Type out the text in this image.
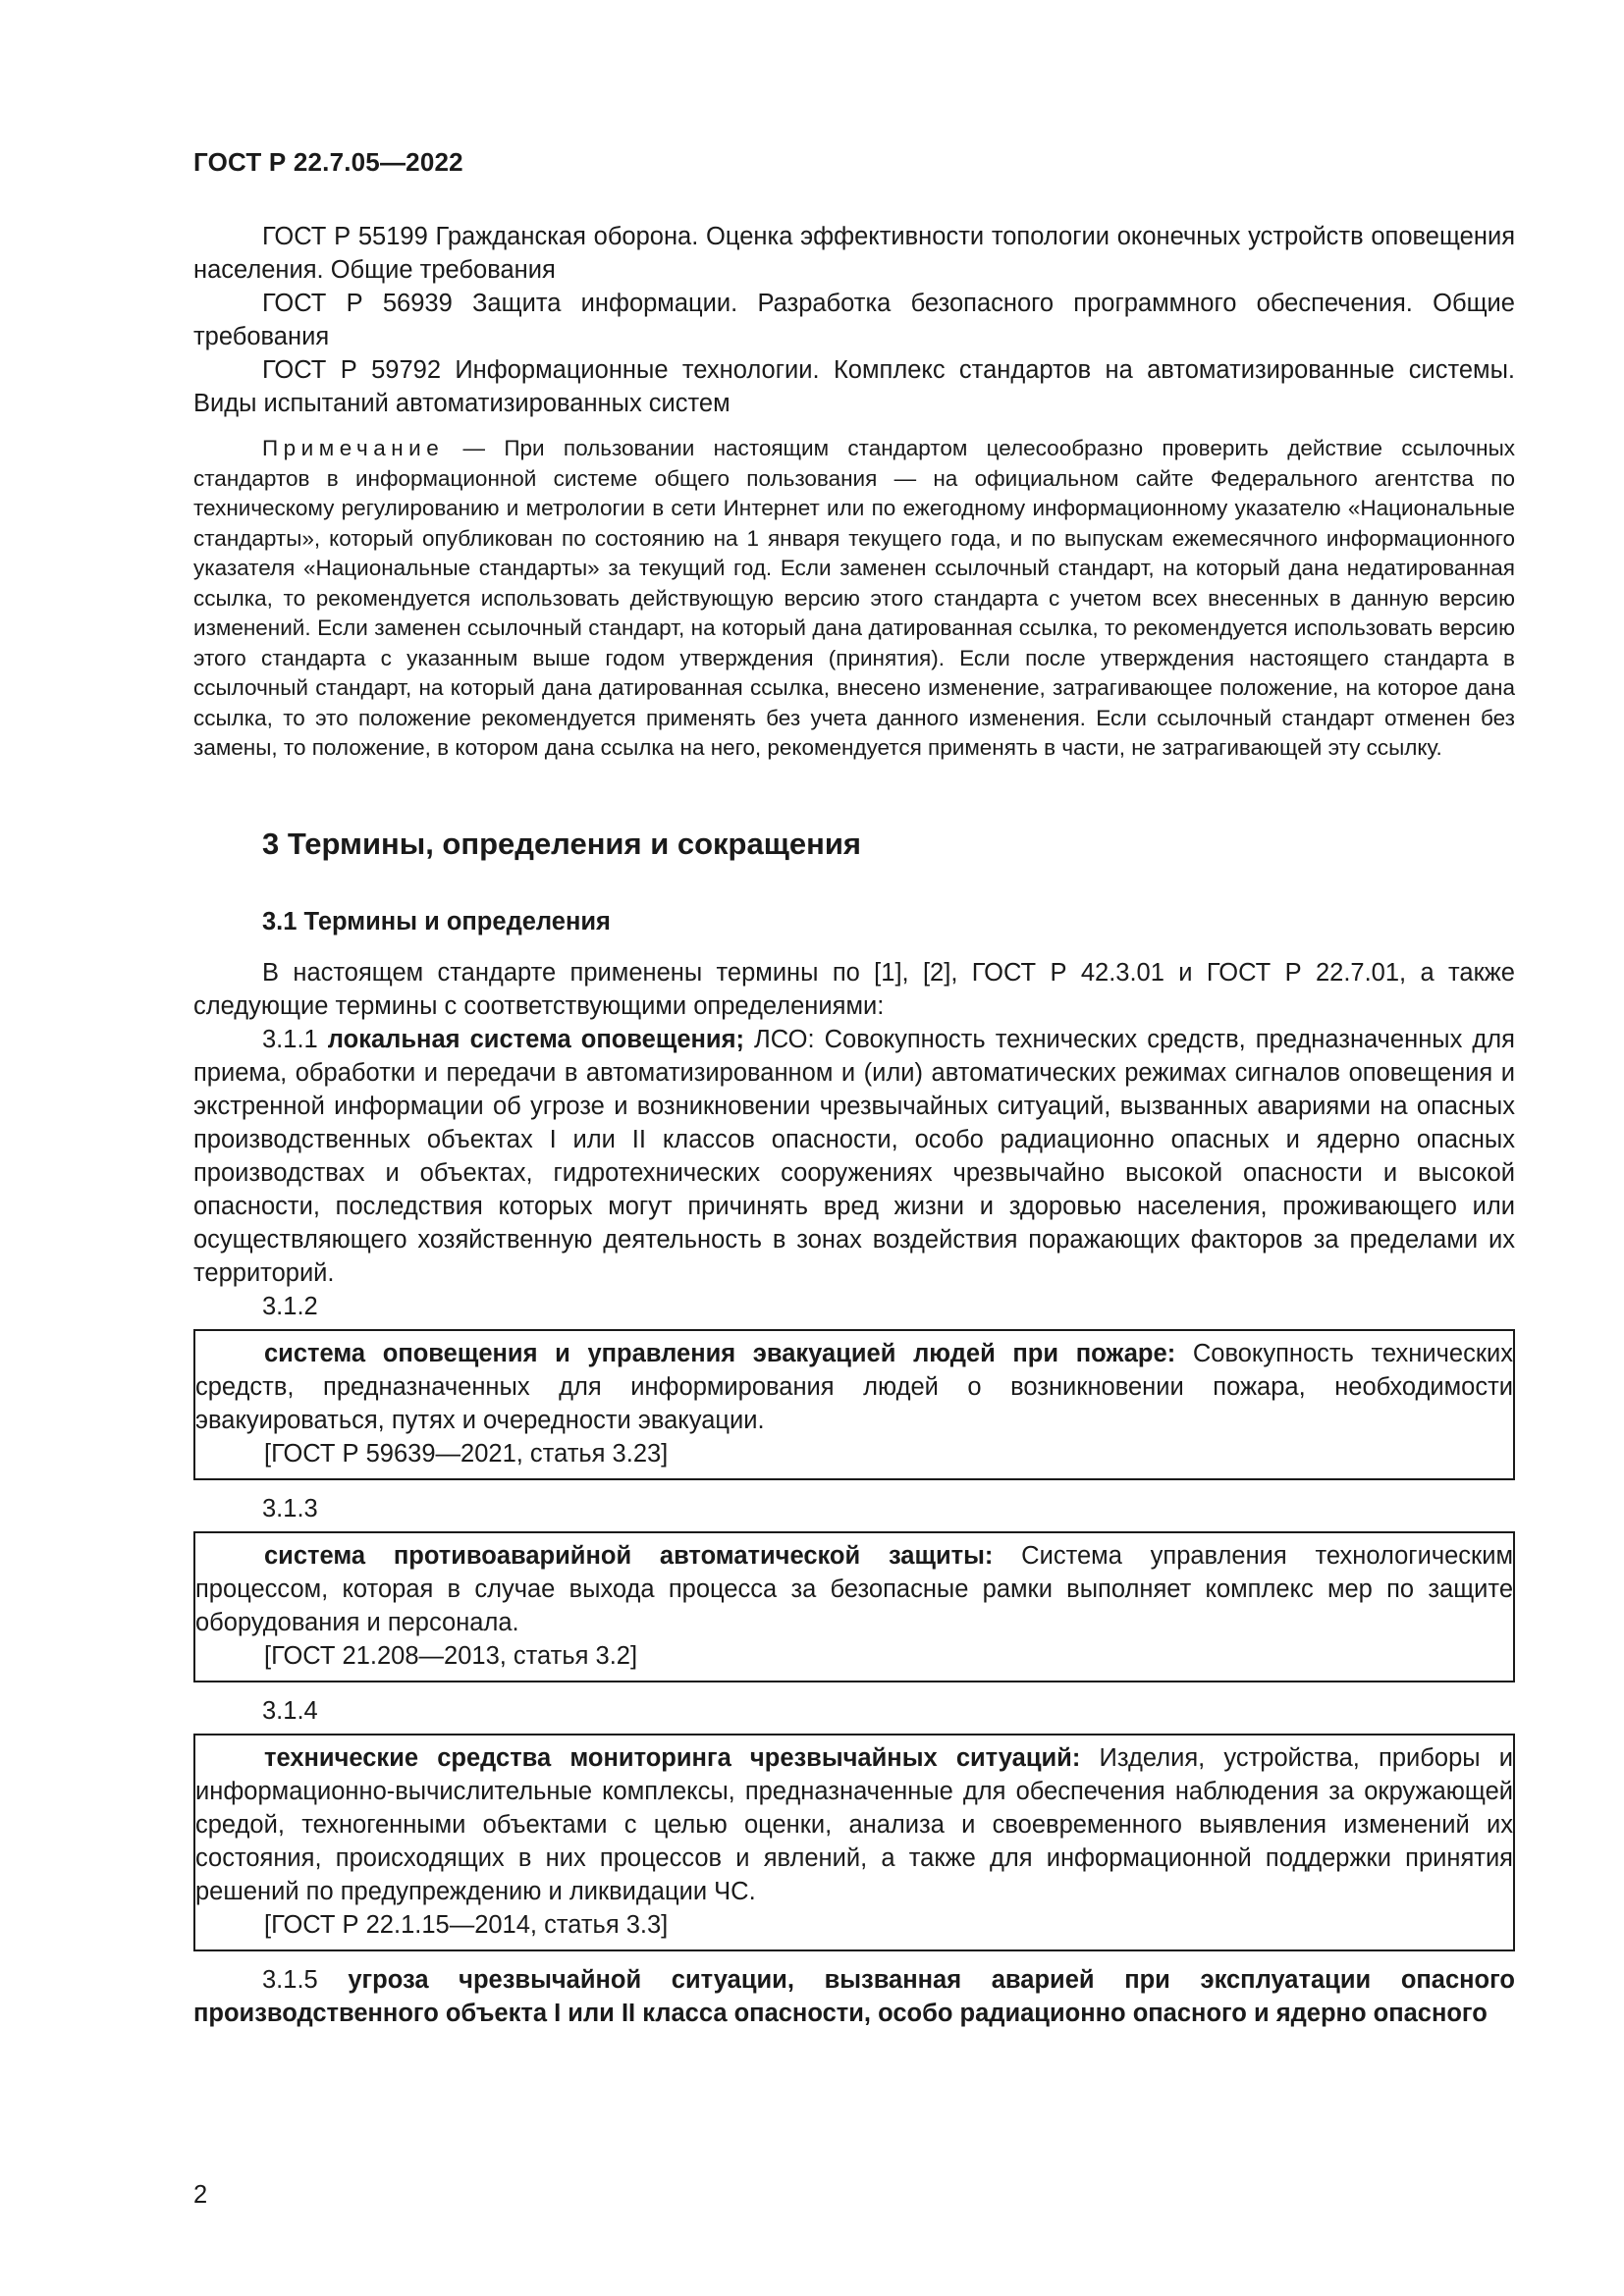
ГОСТ Р 22.7.05—2022

ГОСТ Р 55199 Гражданская оборона. Оценка эффективности топологии оконечных устройств оповещения населения. Общие требования

ГОСТ Р 56939 Защита информации. Разработка безопасного программного обеспечения. Общие требования

ГОСТ Р 59792 Информационные технологии. Комплекс стандартов на автоматизированные системы. Виды испытаний автоматизированных систем

Примечание — При пользовании настоящим стандартом целесообразно проверить действие ссылочных стандартов в информационной системе общего пользования — на официальном сайте Федерального агентства по техническому регулированию и метрологии в сети Интернет или по ежегодному информационному указателю «Национальные стандарты», который опубликован по состоянию на 1 января текущего года, и по выпускам ежемесячного информационного указателя «Национальные стандарты» за текущий год. Если заменен ссылочный стандарт, на который дана недатированная ссылка, то рекомендуется использовать действующую версию этого стандарта с учетом всех внесенных в данную версию изменений. Если заменен ссылочный стандарт, на который дана датированная ссылка, то рекомендуется использовать версию этого стандарта с указанным выше годом утверждения (принятия). Если после утверждения настоящего стандарта в ссылочный стандарт, на который дана датированная ссылка, внесено изменение, затрагивающее положение, на которое дана ссылка, то это положение рекомендуется применять без учета данного изменения. Если ссылочный стандарт отменен без замены, то положение, в котором дана ссылка на него, рекомендуется применять в части, не затрагивающей эту ссылку.

3 Термины, определения и сокращения
3.1 Термины и определения

В настоящем стандарте применены термины по [1], [2], ГОСТ Р 42.3.01 и ГОСТ Р 22.7.01, а также следующие термины с соответствующими определениями:

3.1.1 локальная система оповещения; ЛСО: Совокупность технических средств, предназначенных для приема, обработки и передачи в автоматизированном и (или) автоматических режимах сигналов оповещения и экстренной информации об угрозе и возникновении чрезвычайных ситуаций, вызванных авариями на опасных производственных объектах I или II классов опасности, особо радиационно опасных и ядерно опасных производствах и объектах, гидротехнических сооружениях чрезвычайно высокой опасности и высокой опасности, последствия которых могут причинять вред жизни и здоровью населения, проживающего или осуществляющего хозяйственную деятельность в зонах воздействия поражающих факторов за пределами их территорий.

3.1.2

система оповещения и управления эвакуацией людей при пожаре: Совокупность технических средств, предназначенных для информирования людей о возникновении пожара, необходимости эвакуироваться, путях и очередности эвакуации.

[ГОСТ Р 59639—2021, статья 3.23]

3.1.3

система противоаварийной автоматической защиты: Система управления технологическим процессом, которая в случае выхода процесса за безопасные рамки выполняет комплекс мер по защите оборудования и персонала.

[ГОСТ 21.208—2013, статья 3.2]

3.1.4

технические средства мониторинга чрезвычайных ситуаций: Изделия, устройства, приборы и информационно-вычислительные комплексы, предназначенные для обеспечения наблюдения за окружающей средой, техногенными объектами с целью оценки, анализа и своевременного выявления изменений их состояния, происходящих в них процессов и явлений, а также для информационной поддержки принятия решений по предупреждению и ликвидации ЧС.

[ГОСТ Р 22.1.15—2014, статья 3.3]

3.1.5 угроза чрезвычайной ситуации, вызванная аварией при эксплуатации опасного производственного объекта I или II класса опасности, особо радиационно опасного и ядерно опасного

2
